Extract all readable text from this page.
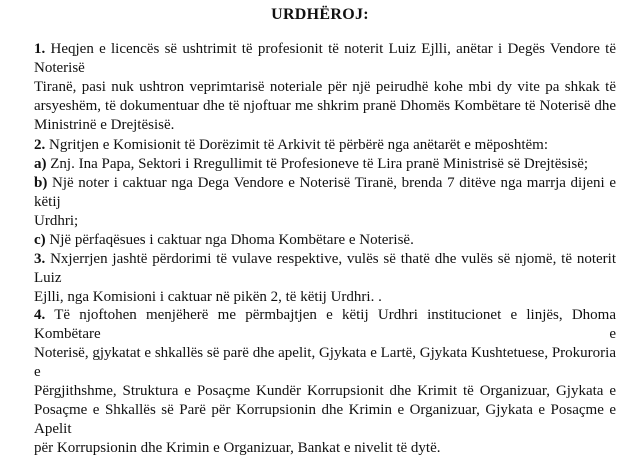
URDHËROJ:
1. Heqjen e licencës së ushtrimit të profesionit të noterit Luiz Ejlli, anëtar i Degës Vendore të Noterisë
Tiranë, pasi nuk ushtron veprimtarisë noteriale për një peirudhë kohe mbi dy vite pa shkak të
arsyeshëm, të dokumentuar dhe të njoftuar me shkrim pranë Dhomës Kombëtare të Noterisë dhe
Ministrinë e Drejtësisë.
2. Ngritjen e Komisionit të Dorëzimit të Arkivit të përbërë nga anëtarët e mëposhtëm:
a) Znj. Ina Papa, Sektori i Rregullimit të Profesioneve të Lira pranë Ministrisë së Drejtësisë;
b) Një noter i caktuar nga Dega Vendore e Noterisë Tiranë, brenda 7 ditëve nga marrja dijeni e këtij
Urdhri;
c) Një përfaqësues i caktuar nga Dhoma Kombëtare e Noterisë.
3. Nxjerrjen jashtë përdorimi të vulave respektive, vulës së thatë dhe vulës së njomë, të noterit Luiz
Ejlli, nga Komisioni i caktuar në pikën 2, të këtij Urdhri. .
4. Të njoftohen menjëherë me përmbajtjen e këtij Urdhri institucionet e linjës, Dhoma Kombëtare e
Noterisë, gjykatat e shkallës së parë dhe apelit, Gjykata e Lartë, Gjykata Kushtetuese, Prokuroria e
Përgjithshme, Struktura e Posaçme Kundër Korrupsionit dhe Krimit të Organizuar, Gjykata e
Posaçme e Shkallës së Parë për Korrupsionin dhe Krimin e Organizuar, Gjykata e Posaçme e Apelit
për Korrupsionin dhe Krimin e Organizuar, Bankat e nivelit të dytë.
